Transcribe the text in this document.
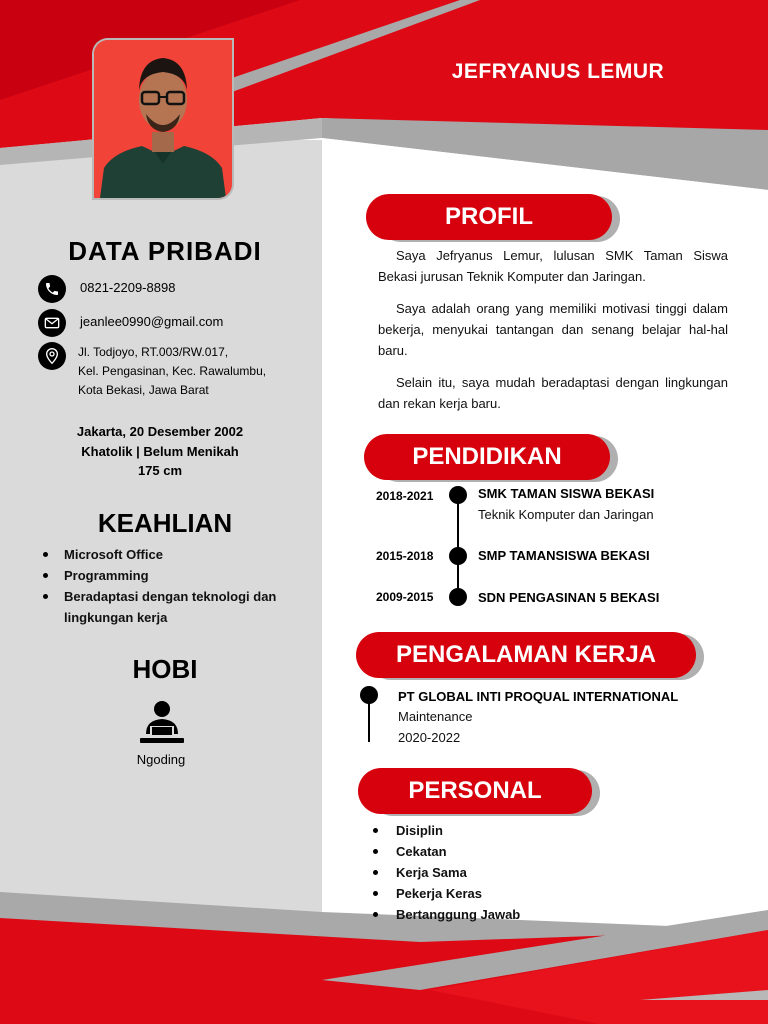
JEFRYANUS LEMUR
DATA PRIBADI
0821-2209-8898
jeanlee0990@gmail.com
Jl. Todjoyo, RT.003/RW.017,
Kel. Pengasinan, Kec. Rawalumbu,
Kota Bekasi, Jawa Barat
Jakarta, 20 Desember 2002
Khatolik | Belum Menikah
175 cm
KEAHLIAN
Microsoft Office
Programming
Beradaptasi dengan teknologi dan lingkungan kerja
HOBI
Ngoding
PROFIL

Saya Jefryanus Lemur, lulusan SMK Taman Siswa Bekasi jurusan Teknik Komputer dan Jaringan.

Saya adalah orang yang memiliki motivasi tinggi dalam bekerja, menyukai tantangan dan senang belajar hal-hal baru.

Selain itu, saya mudah beradaptasi dengan lingkungan dan rekan kerja baru.

PENDIDIKAN
2018-2021	SMK TAMAN SISWA BEKASI
Teknik Komputer dan Jaringan
2015-2018	SMP TAMANSISWA BEKASI
2009-2015	SDN PENGASINAN 5 BEKASI
PENGALAMAN KERJA
PT GLOBAL INTI PROQUAL INTERNATIONAL
Maintenance
2020-2022
PERSONAL
Disiplin
Cekatan
Kerja Sama
Pekerja Keras
Bertanggung Jawab
